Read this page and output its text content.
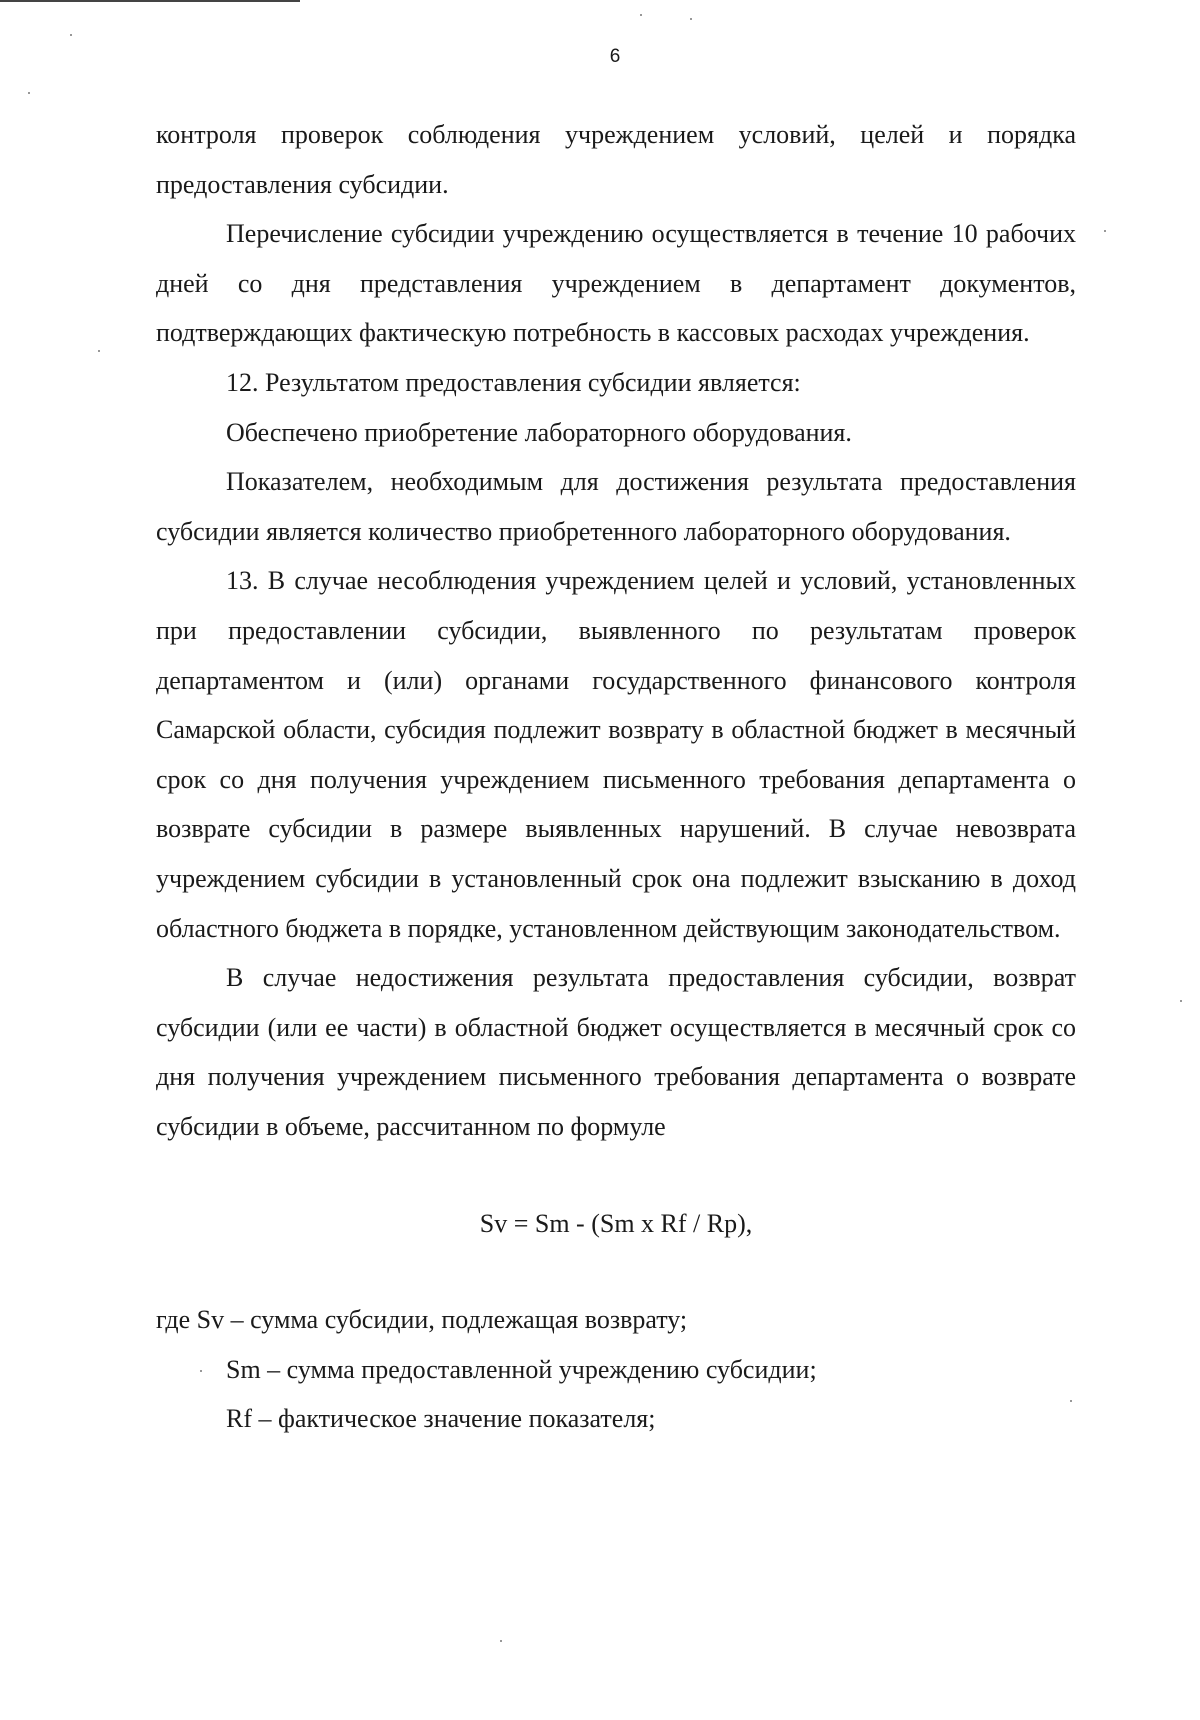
6

контроля проверок соблюдения учреждением условий, целей и порядка предоставления субсидии.

Перечисление субсидии учреждению осуществляется в течение 10 рабочих дней со дня представления учреждением в департамент документов, подтверждающих фактическую потребность в кассовых расходах учреждения.

12. Результатом предоставления субсидии является:

Обеспечено приобретение лабораторного оборудования.

Показателем, необходимым для достижения результата предоставления субсидии является количество приобретенного лабораторного оборудования.

13. В случае несоблюдения учреждением целей и условий, установленных при предоставлении субсидии, выявленного по результатам проверок департаментом и (или) органами государственного финансового контроля Самарской области, субсидия подлежит возврату в областной бюджет в месячный срок со дня получения учреждением письменного требования департамента о возврате субсидии в размере выявленных нарушений. В случае невозврата учреждением субсидии в установленный срок она подлежит взысканию в доход областного бюджета в порядке, установленном действующим законодательством.

В случае недостижения результата предоставления субсидии, возврат субсидии (или ее части) в областной бюджет осуществляется в месячный срок со дня получения учреждением письменного требования департамента о возврате субсидии в объеме, рассчитанном по формуле

Sv = Sm - (Sm x Rf / Rp),

где Sv – сумма субсидии, подлежащая возврату;

Sm – сумма предоставленной учреждению субсидии;

Rf – фактическое значение показателя;
